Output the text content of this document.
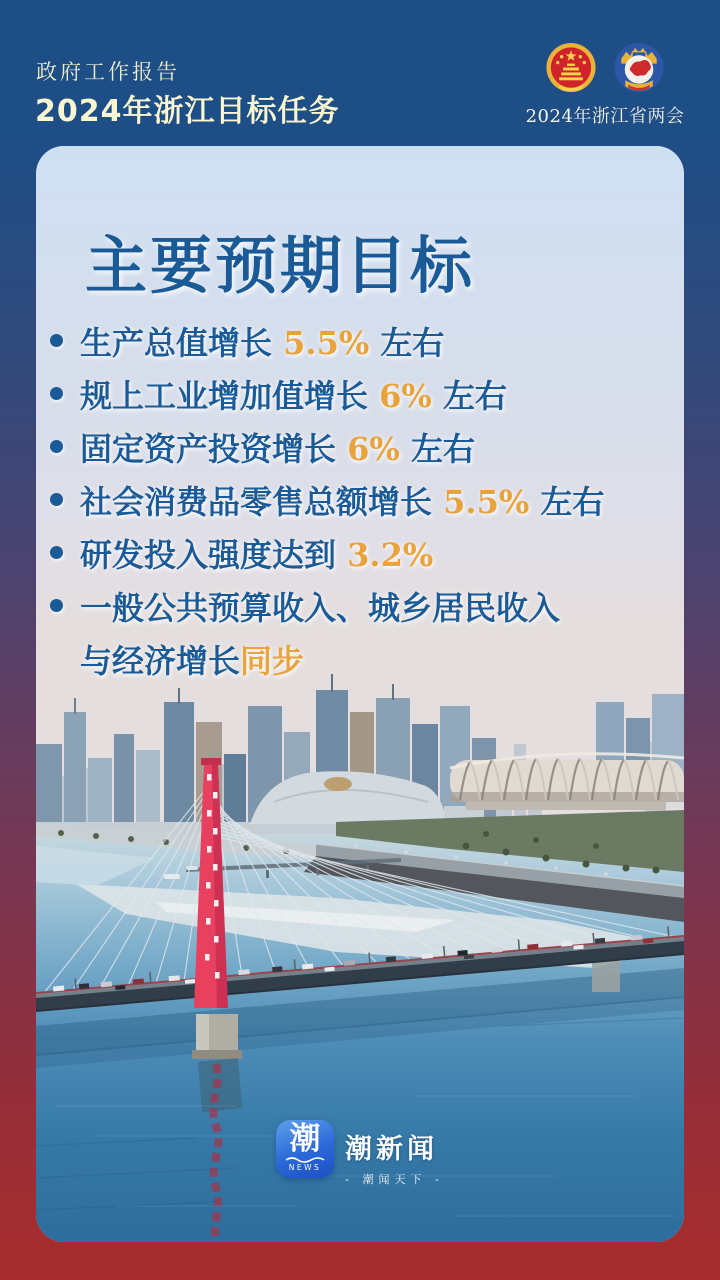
政府工作报告
2024年浙江目标任务	2024年浙江省两会
主要预期目标
生产总值增长 5.5% 左右
规上工业增加值增长 6% 左右
固定资产投资增长 6% 左右
社会消费品零售总额增长 5.5% 左右
研发投入强度达到 3.2%
一般公共预算收入、城乡居民收入
与经济增长同步
潮
NEWS
潮新闻
- 潮闻天下 -
